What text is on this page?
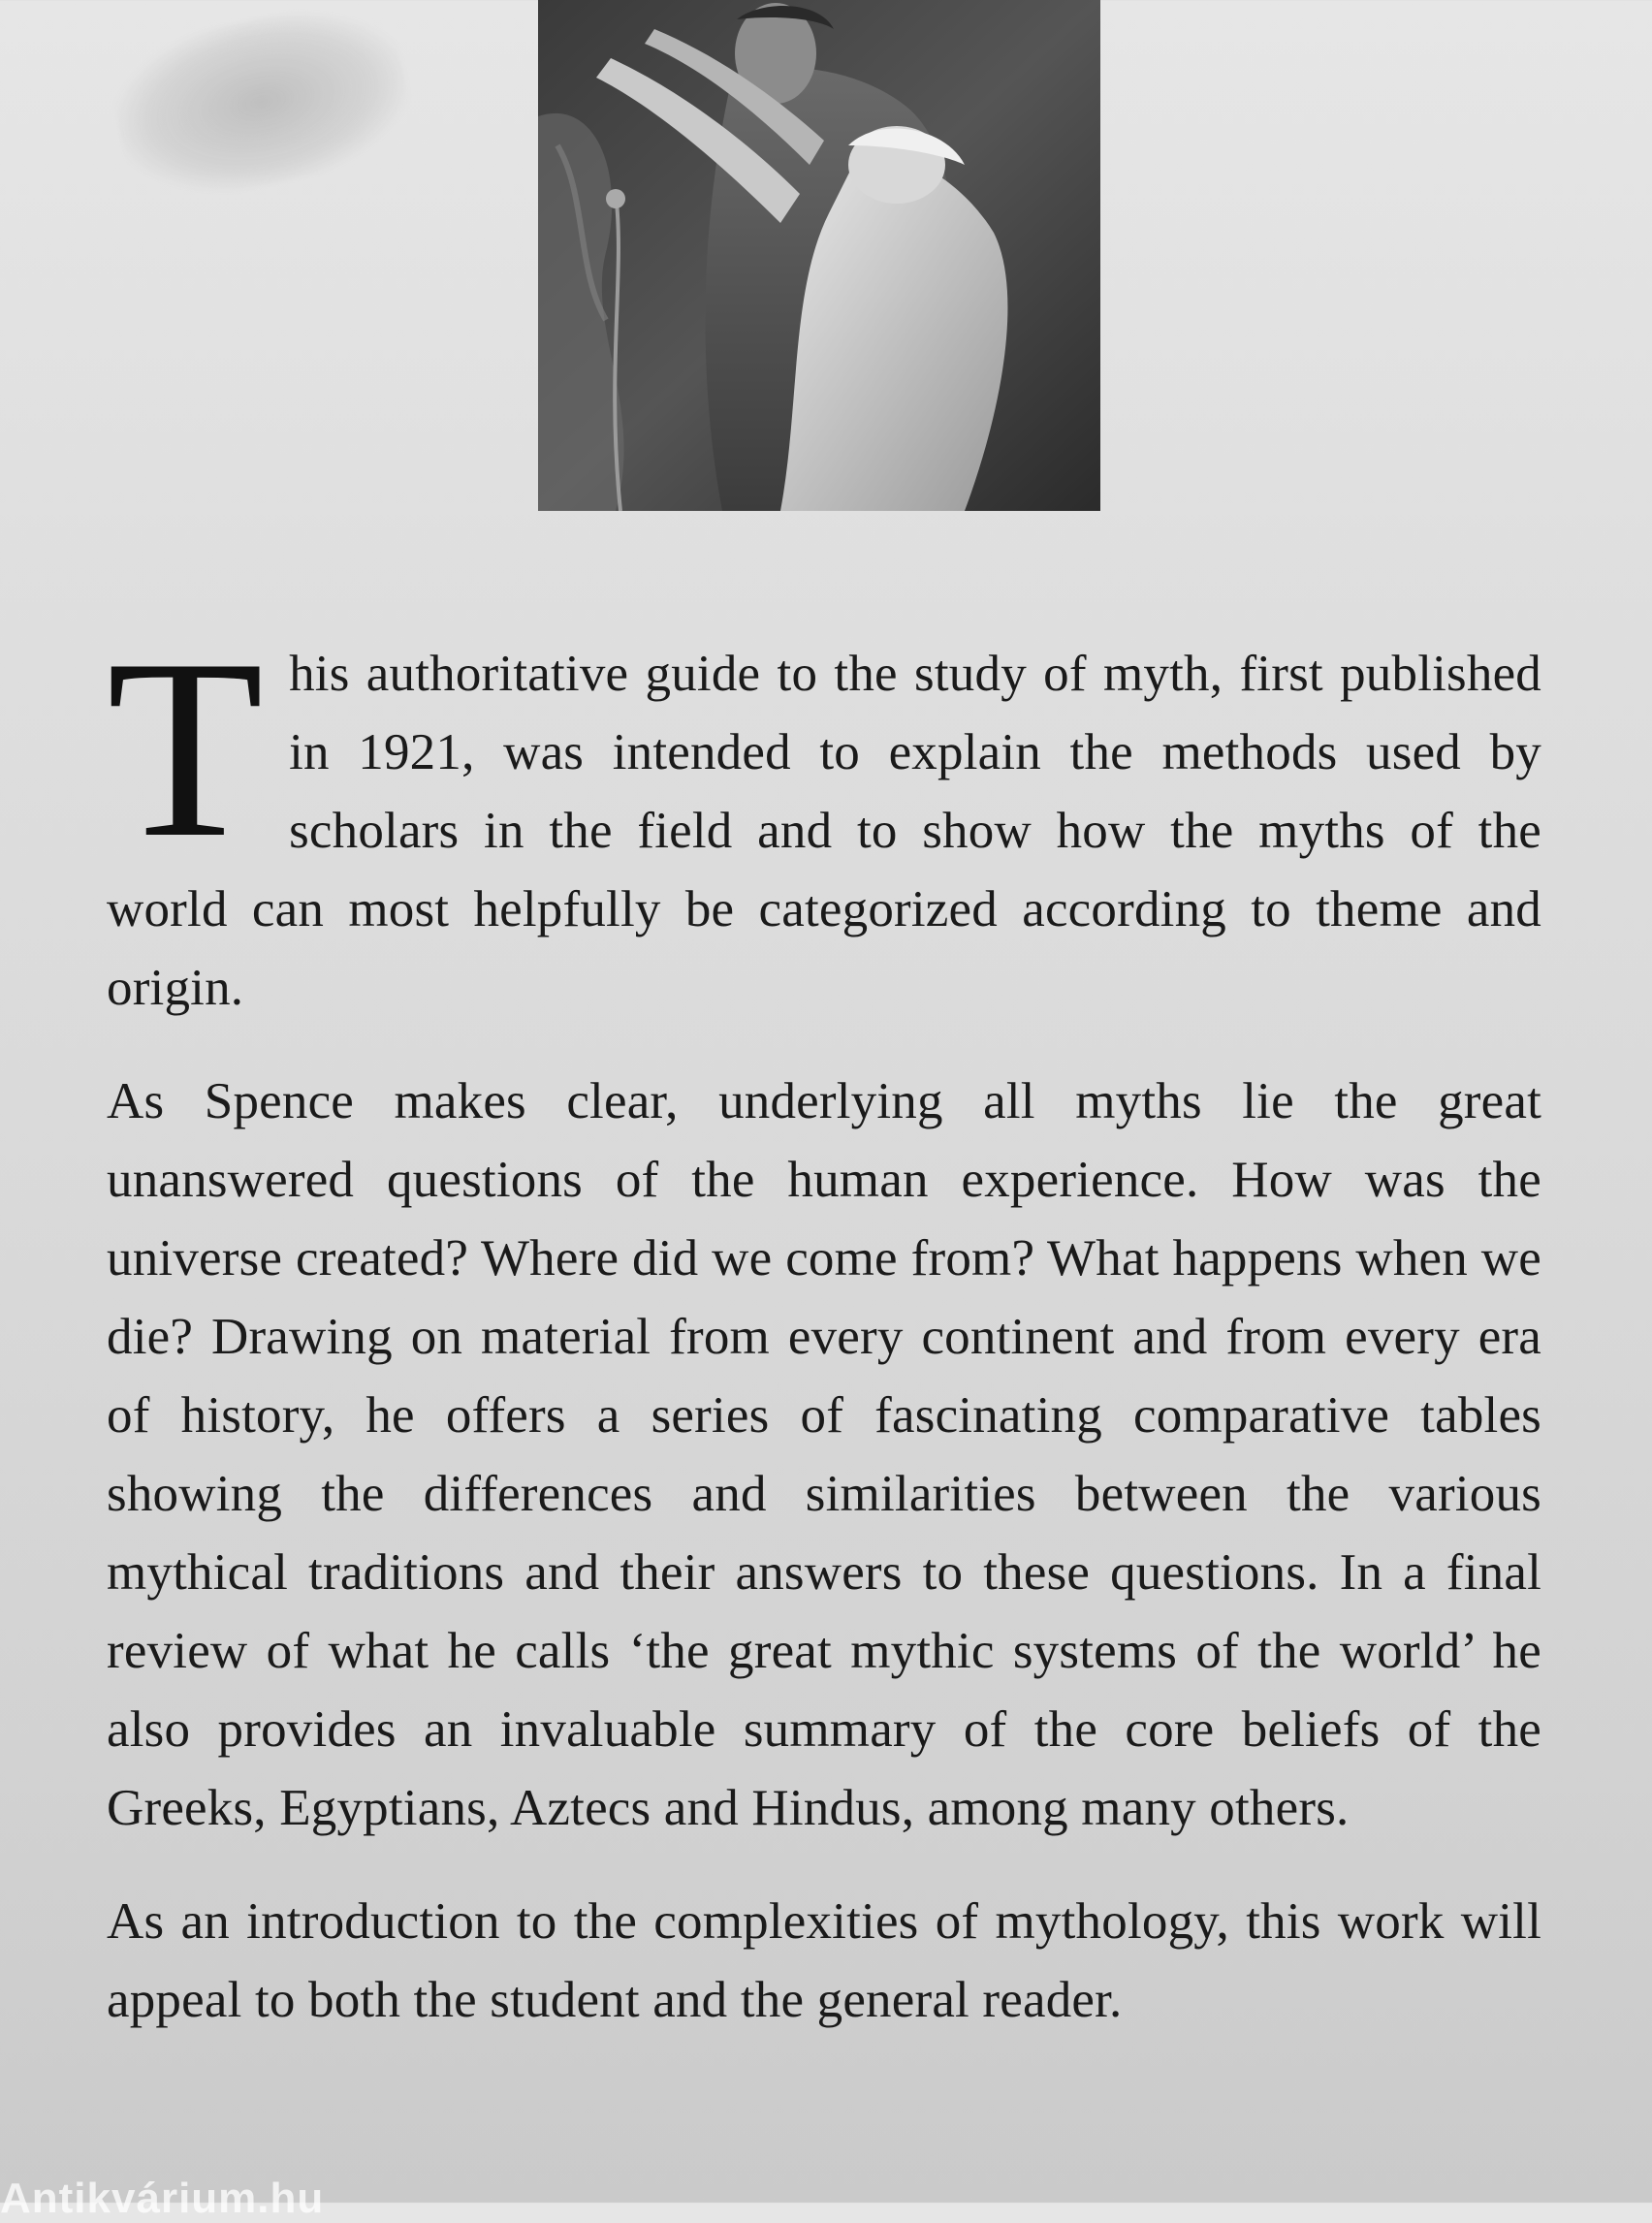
This authoritative guide to the study of myth, first published in 1921, was intended to explain the methods used by scholars in the field and to show how the myths of the world can most helpfully be categorized according to theme and origin.

As Spence makes clear, underlying all myths lie the great unanswered questions of the human experience. How was the universe created? Where did we come from? What happens when we die? Drawing on material from every continent and from every era of history, he offers a series of fascinating comparative tables showing the differences and similarities between the various mythical traditions and their answers to these questions. In a final review of what he calls ‘the great mythic systems of the world’ he also provides an invaluable summary of the core beliefs of the Greeks, Egyptians, Aztecs and Hindus, among many others.

As an introduction to the complexities of mythology, this work will appeal to both the student and the general reader.

Antikvárium.hu
